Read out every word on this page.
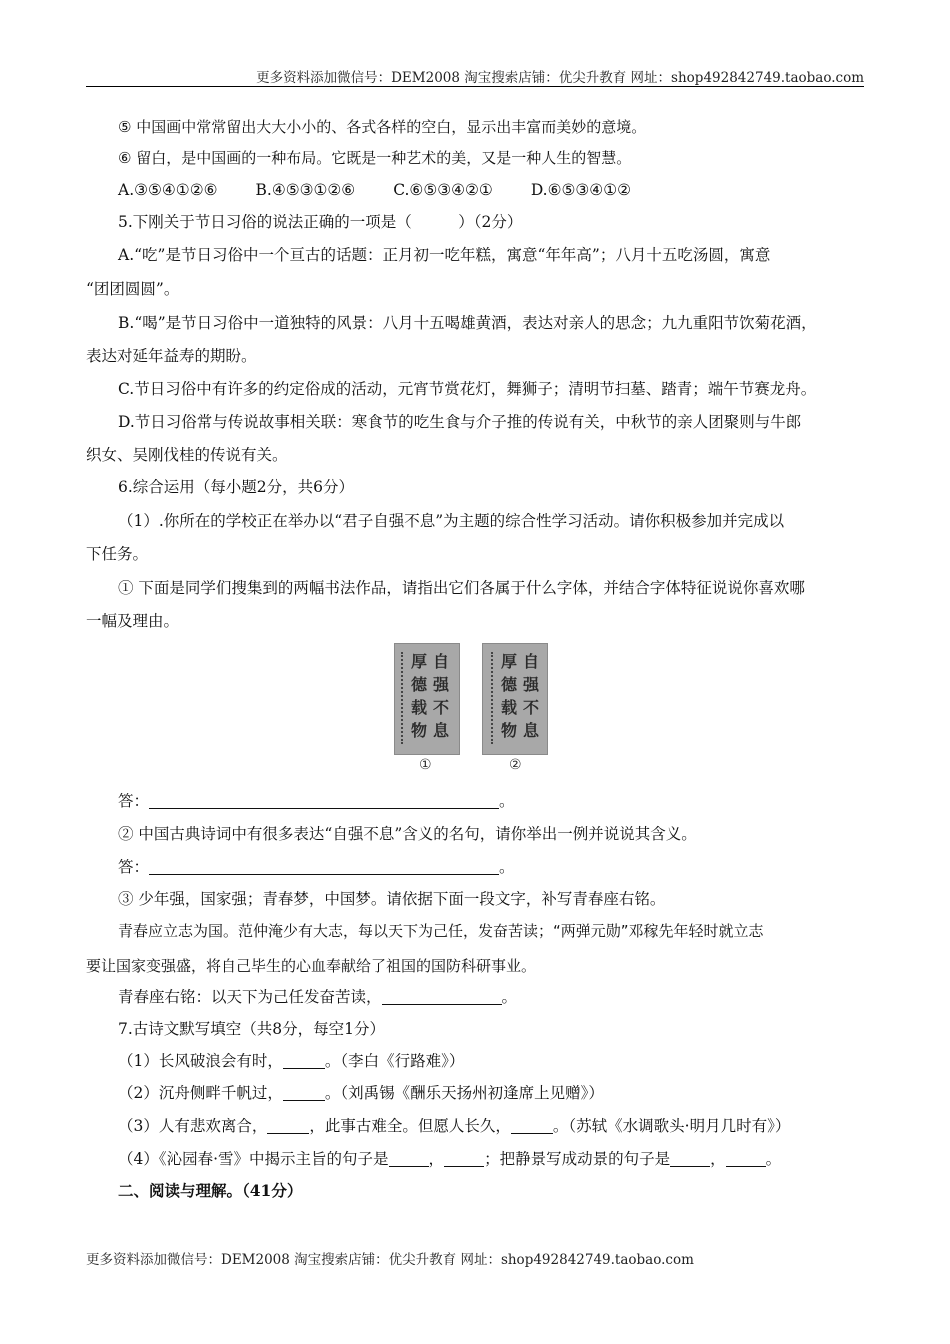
更多资料添加微信号：DEM2008 淘宝搜索店铺：优尖升教育 网址：shop492842749.taobao.com
⑤ 中国画中常常留出大大小小的、各式各样的空白，显示出丰富而美妙的意境。
⑥ 留白，是中国画的一种布局。它既是一种艺术的美，又是一种人生的智慧。
A.③⑤④①②⑥ B.④⑤③①②⑥ C.⑥⑤③④②① D.⑥⑤③④①②
5.下刚关于节日习俗的说法正确的一项是（　　　）（2分）
A.“吃”是节日习俗中一个亘古的话题：正月初一吃年糕，寓意“年年高”；八月十五吃汤圆，寓意
“团团圆圆”。
B.“喝”是节日习俗中一道独特的风景：八月十五喝雄黄酒，表达对亲人的思念；九九重阳节饮菊花酒，
表达对延年益寿的期盼。
C.节日习俗中有许多的约定俗成的活动，元宵节赏花灯，舞狮子；清明节扫墓、踏青；端午节赛龙舟。
D.节日习俗常与传说故事相关联：寒食节的吃生食与介子推的传说有关，中秋节的亲人团聚则与牛郎
织女、吴刚伐桂的传说有关。
6.综合运用（每小题2分，共6分）
（1）.你所在的学校正在举办以“君子自强不息”为主题的综合性学习活动。请你积极参加并完成以
下任务。
① 下面是同学们搜集到的两幅书法作品，请指出它们各属于什么字体，并结合字体特征说说你喜欢哪
一幅及理由。
自强不息
厚德载物
①
自强不息
厚德载物
②
答：	。
② 中国古典诗词中有很多表达“自强不息”含义的名句，请你举出一例并说说其含义。
答：	。
③ 少年强，国家强；青春梦，中国梦。请依据下面一段文字，补写青春座右铭。
青春应立志为国。范仲淹少有大志，每以天下为己任，发奋苦读；“两弹元勋”邓稼先年轻时就立志
要让国家变强盛，将自己毕生的心血奉献给了祖国的国防科研事业。
青春座右铭：以天下为己任发奋苦读，	。
7.古诗文默写填空（共8分，每空1分）
（1）长风破浪会有时，	。（李白《行路难》）
（2）沉舟侧畔千帆过，	。（刘禹锡《酬乐天扬州初逢席上见赠》）
（3）人有悲欢离合，	，此事古难全。但愿人长久，	。（苏轼《水调歌头·明月几时有》）
（4）《沁园春·雪》中揭示主旨的句子是	，	；把静景写成动景的句子是	，	。
二、阅读与理解。（41分）
更多资料添加微信号：DEM2008 淘宝搜索店铺：优尖升教育 网址：shop492842749.taobao.com
